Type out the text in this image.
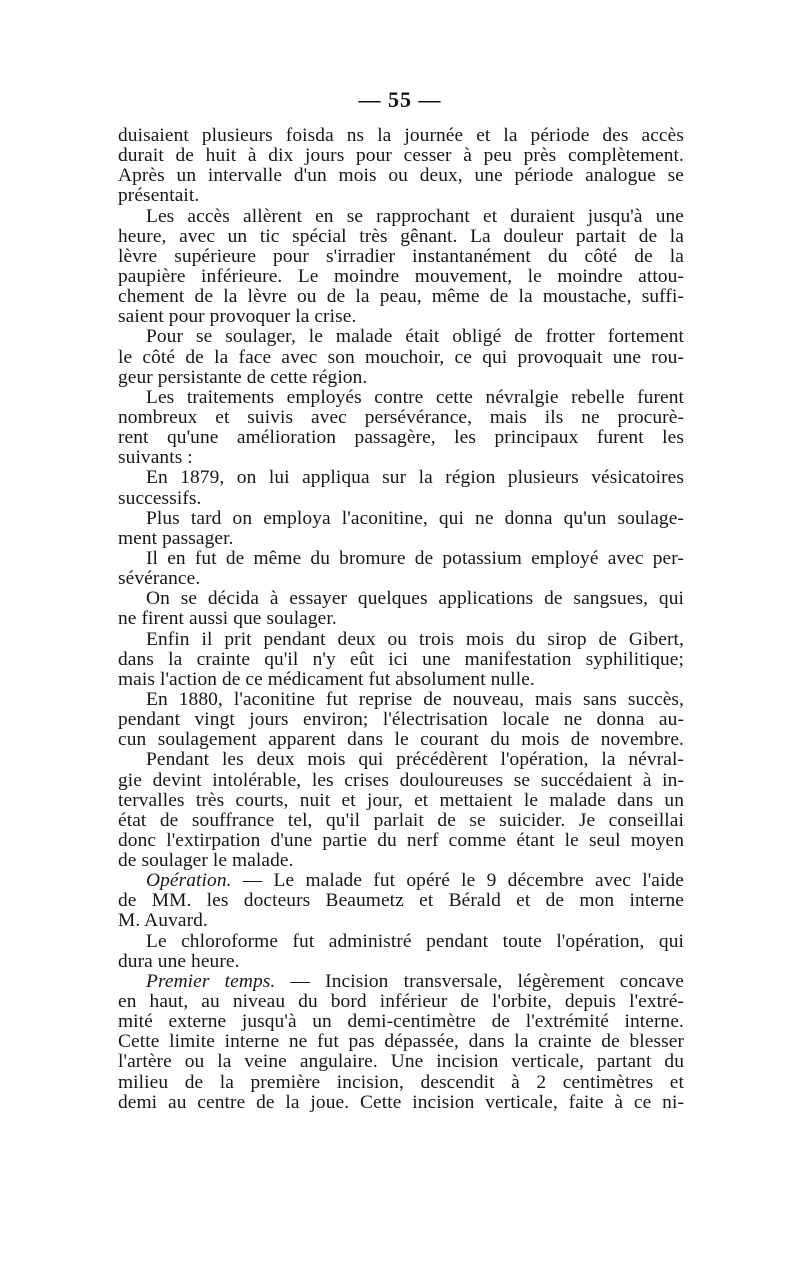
— 55 —
duisaient plusieurs foisda ns la journée et la période des accès
durait de huit à dix jours pour cesser à peu près complètement.
Après un intervalle d'un mois ou deux, une période analogue se
présentait.
Les accès allèrent en se rapprochant et duraient jusqu'à une
heure, avec un tic spécial très gênant. La douleur partait de la
lèvre supérieure pour s'irradier instantanément du côté de la
paupière inférieure. Le moindre mouvement, le moindre attou-
chement de la lèvre ou de la peau, même de la moustache, suffi-
saient pour provoquer la crise.
Pour se soulager, le malade était obligé de frotter fortement
le côté de la face avec son mouchoir, ce qui provoquait une rou-
geur persistante de cette région.
Les traitements employés contre cette névralgie rebelle furent
nombreux et suivis avec persévérance, mais ils ne procurè-
rent qu'une amélioration passagère, les principaux furent les
suivants :
En 1879, on lui appliqua sur la région plusieurs vésicatoires
successifs.
Plus tard on employa l'aconitine, qui ne donna qu'un soulage-
ment passager.
Il en fut de même du bromure de potassium employé avec per-
sévérance.
On se décida à essayer quelques applications de sangsues, qui
ne firent aussi que soulager.
Enfin il prit pendant deux ou trois mois du sirop de Gibert,
dans la crainte qu'il n'y eût ici une manifestation syphilitique;
mais l'action de ce médicament fut absolument nulle.
En 1880, l'aconitine fut reprise de nouveau, mais sans succès,
pendant vingt jours environ; l'électrisation locale ne donna au-
cun soulagement apparent dans le courant du mois de novembre.
Pendant les deux mois qui précédèrent l'opération, la névral-
gie devint intolérable, les crises douloureuses se succédaient à in-
tervalles très courts, nuit et jour, et mettaient le malade dans un
état de souffrance tel, qu'il parlait de se suicider. Je conseillai
donc l'extirpation d'une partie du nerf comme étant le seul moyen
de soulager le malade.
Opération. — Le malade fut opéré le 9 décembre avec l'aide
de MM. les docteurs Beaumetz et Bérald et de mon interne
M. Auvard.
Le chloroforme fut administré pendant toute l'opération, qui
dura une heure.
Premier temps. — Incision transversale, légèrement concave
en haut, au niveau du bord inférieur de l'orbite, depuis l'extré-
mité externe jusqu'à un demi-centimètre de l'extrémité interne.
Cette limite interne ne fut pas dépassée, dans la crainte de blesser
l'artère ou la veine angulaire. Une incision verticale, partant du
milieu de la première incision, descendit à 2 centimètres et
demi au centre de la joue. Cette incision verticale, faite à ce ni-
